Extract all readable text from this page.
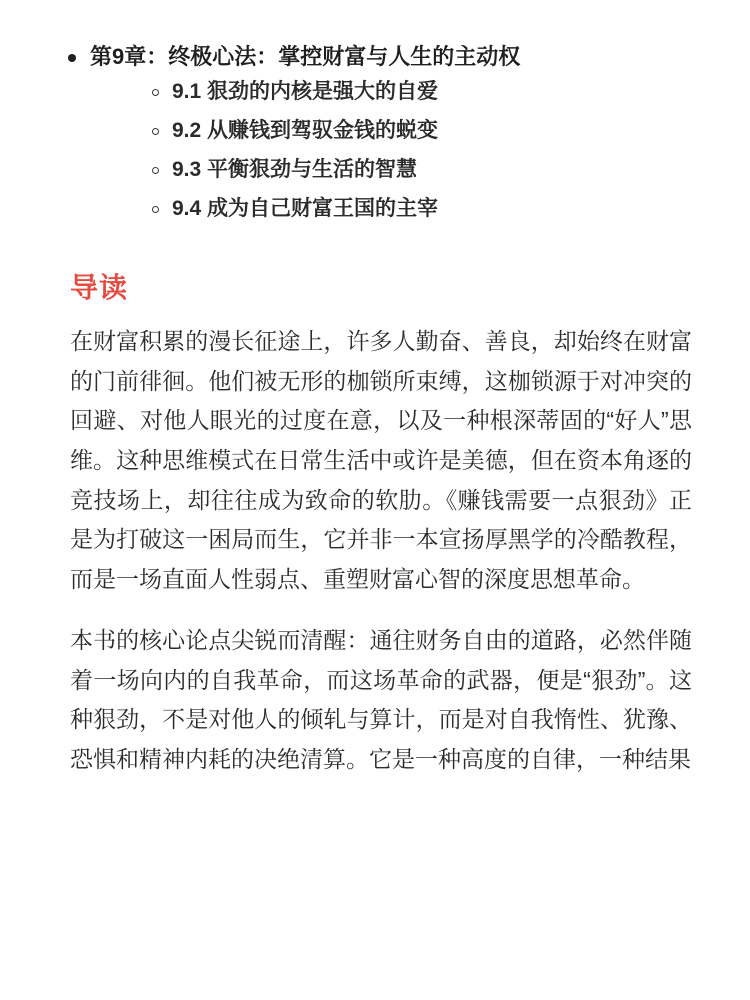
第9章：终极心法：掌控财富与人生的主动权
9.1 狠劲的内核是强大的自爱
9.2 从赚钱到驾驭金钱的蜕变
9.3 平衡狠劲与生活的智慧
9.4 成为自己财富王国的主宰
导读

在财富积累的漫长征途上，许多人勤奋、善良，却始终在财富的门前徘徊。他们被无形的枷锁所束缚，这枷锁源于对冲突的回避、对他人眼光的过度在意，以及一种根深蒂固的“好人”思维。这种思维模式在日常生活中或许是美德，但在资本角逐的竞技场上，却往往成为致命的软肋。《赚钱需要一点狠劲》正是为打破这一困局而生，它并非一本宣扬厚黑学的冷酷教程，而是一场直面人性弱点、重塑财富心智的深度思想革命。

本书的核心论点尖锐而清醒：通往财务自由的道路，必然伴随着一场向内的自我革命，而这场革命的武器，便是“狠劲”。这种狠劲，不是对他人的倾轧与算计，而是对自我惰性、犹豫、恐惧和精神内耗的决绝清算。它是一种高度的自律，一种结果
